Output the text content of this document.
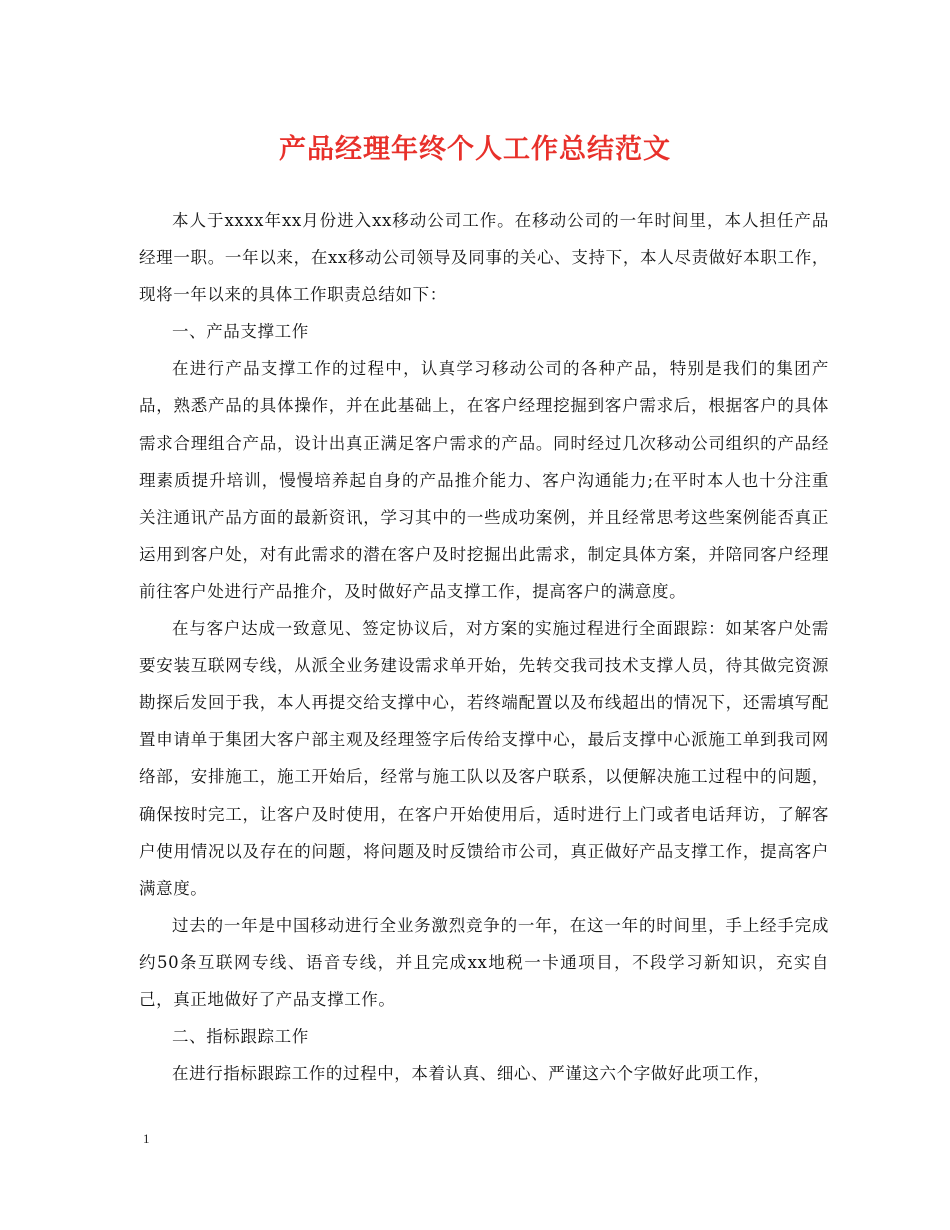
产品经理年终个人工作总结范文

本人于xxxx年xx月份进入xx移动公司工作。在移动公司的一年时间里，本人担任产品经理一职。一年以来，在xx移动公司领导及同事的关心、支持下，本人尽责做好本职工作，现将一年以来的具体工作职责总结如下：

一、产品支撑工作

在进行产品支撑工作的过程中，认真学习移动公司的各种产品，特别是我们的集团产品，熟悉产品的具体操作，并在此基础上，在客户经理挖掘到客户需求后，根据客户的具体需求合理组合产品，设计出真正满足客户需求的产品。同时经过几次移动公司组织的产品经理素质提升培训，慢慢培养起自身的产品推介能力、客户沟通能力;在平时本人也十分注重关注通讯产品方面的最新资讯，学习其中的一些成功案例，并且经常思考这些案例能否真正运用到客户处，对有此需求的潜在客户及时挖掘出此需求，制定具体方案，并陪同客户经理前往客户处进行产品推介，及时做好产品支撑工作，提高客户的满意度。

在与客户达成一致意见、签定协议后，对方案的实施过程进行全面跟踪：如某客户处需要安装互联网专线，从派全业务建设需求单开始，先转交我司技术支撑人员，待其做完资源勘探后发回于我，本人再提交给支撑中心，若终端配置以及布线超出的情况下，还需填写配置申请单于集团大客户部主观及经理签字后传给支撑中心，最后支撑中心派施工单到我司网络部，安排施工，施工开始后，经常与施工队以及客户联系，以便解决施工过程中的问题，确保按时完工，让客户及时使用，在客户开始使用后，适时进行上门或者电话拜访，了解客户使用情况以及存在的问题，将问题及时反馈给市公司，真正做好产品支撑工作，提高客户满意度。

过去的一年是中国移动进行全业务激烈竞争的一年，在这一年的时间里，手上经手完成约50条互联网专线、语音专线，并且完成xx地税一卡通项目，不段学习新知识，充实自己，真正地做好了产品支撑工作。

二、指标跟踪工作

在进行指标跟踪工作的过程中，本着认真、细心、严谨这六个字做好此项工作，

1
